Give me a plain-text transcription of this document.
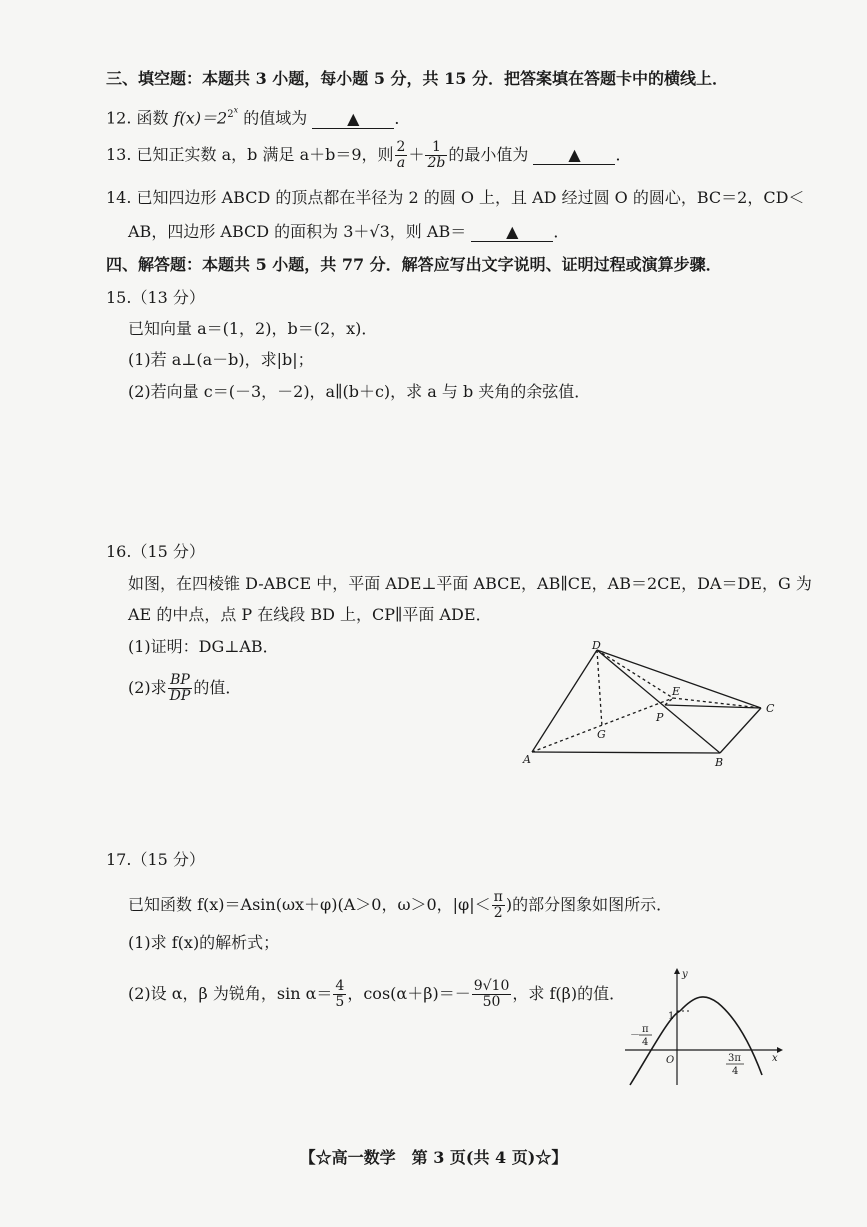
三、填空题：本题共 3 小题，每小题 5 分，共 15 分．把答案填在答题卡中的横线上．
12. 函数 $f(x)=2^{2^x}$ 的值域为 ▲ ．
13. 已知正实数 a，b 满足 a＋b＝9，则 $\frac{2}{a} + \frac{1}{2b}$ 的最小值为 ▲ ．
14. 已知四边形 ABCD 的顶点都在半径为 2 的圆 O 上，且 AD 经过圆 O 的圆心，BC＝2，CD＜
AB，四边形 ABCD 的面积为 3＋√3，则 AB＝ ▲ ．
四、解答题：本题共 5 小题，共 77 分．解答应写出文字说明、证明过程或演算步骤．
15.（13 分）
已知向量 a＝(1，2)，b＝(2，x)．
(1)若 a⊥(a－b)，求|b|；
(2)若向量 c＝(－3，－2)，a∥(b＋c)，求 a 与 b 夹角的余弦值．
16.（15 分）
如图，在四棱锥 D-ABCE 中，平面 ADE⊥平面 ABCE，AB∥CE，AB＝2CE，DA＝DE，G 为
AE 的中点，点 P 在线段 BD 上，CP∥平面 ADE．
(1)证明：DG⊥AB．
(2)求 $\frac{BP}{DP}$ 的值．
D
E
C
P
G
A	B
17.（15 分）
已知函数 f(x)＝Asin(ωx＋φ)(A＞0，ω＞0，$|\varphi|< \frac{\pi}{2}$ )的部分图象如图所示．
(1)求 f(x)的解析式；
(2)设 α，β 为锐角，$\sin \alpha= \frac{4}{5}$ ，$\cos(\alpha+\beta)=- \frac{9√10}{50}$ ，求 f(β)的值．
y
x
1
O
－
π
4
3π
4
【☆高一数学　第 3 页(共 4 页)☆】
